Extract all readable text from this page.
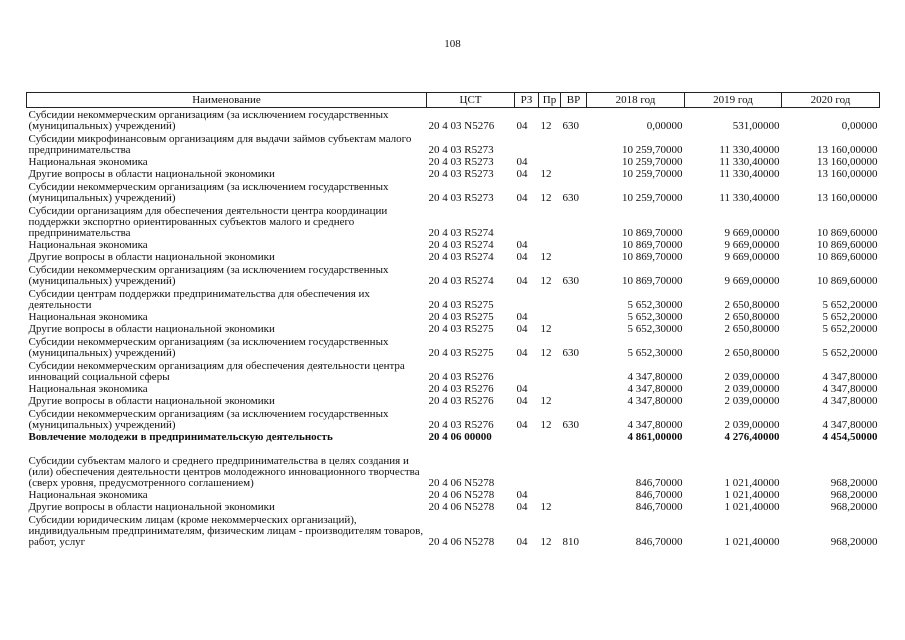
108
Наименование	ЦСТ	РЗ	Пр	ВР	2018 год	2019 год	2020 год
Субсидии некоммерческим организациям (за исключением государственных (муниципальных) учреждений)	20 4 03 N5276	04	12	630	0,00000	531,00000	0,00000
Субсидии микрофинансовым организациям для выдачи займов субъектам малого предпринимательства	20 4 03 R5273				10 259,70000	11 330,40000	13 160,00000
Национальная экономика	20 4 03 R5273	04			10 259,70000	11 330,40000	13 160,00000
Другие вопросы в области национальной экономики	20 4 03 R5273	04	12		10 259,70000	11 330,40000	13 160,00000
Субсидии некоммерческим организациям (за исключением государственных (муниципальных) учреждений)	20 4 03 R5273	04	12	630	10 259,70000	11 330,40000	13 160,00000
Субсидии организациям для обеспечения деятельности центра координации поддержки экспортно ориентированных субъектов малого и среднего предпринимательства	20 4 03 R5274				10 869,70000	9 669,00000	10 869,60000
Национальная экономика	20 4 03 R5274	04			10 869,70000	9 669,00000	10 869,60000
Другие вопросы в области национальной экономики	20 4 03 R5274	04	12		10 869,70000	9 669,00000	10 869,60000
Субсидии некоммерческим организациям (за исключением государственных (муниципальных) учреждений)	20 4 03 R5274	04	12	630	10 869,70000	9 669,00000	10 869,60000
Субсидии центрам поддержки предпринимательства для обеспечения их деятельности	20 4 03 R5275				5 652,30000	2 650,80000	5 652,20000
Национальная экономика	20 4 03 R5275	04			5 652,30000	2 650,80000	5 652,20000
Другие вопросы в области национальной экономики	20 4 03 R5275	04	12		5 652,30000	2 650,80000	5 652,20000
Субсидии некоммерческим организациям (за исключением государственных (муниципальных) учреждений)	20 4 03 R5275	04	12	630	5 652,30000	2 650,80000	5 652,20000
Субсидии некоммерческим организациям для обеспечения деятельности центра инноваций социальной сферы	20 4 03 R5276				4 347,80000	2 039,00000	4 347,80000
Национальная экономика	20 4 03 R5276	04			4 347,80000	2 039,00000	4 347,80000
Другие вопросы в области национальной экономики	20 4 03 R5276	04	12		4 347,80000	2 039,00000	4 347,80000
Субсидии некоммерческим организациям (за исключением государственных (муниципальных) учреждений)	20 4 03 R5276	04	12	630	4 347,80000	2 039,00000	4 347,80000
Вовлечение молодежи в предпринимательскую деятельность	20 4 06 00000				4 861,00000	4 276,40000	4 454,50000
Субсидии субъектам малого и среднего предпринимательства в целях создания и (или) обеспечения деятельности центров молодежного инновационного творчества (сверх уровня, предусмотренного соглашением)	20 4 06 N5278				846,70000	1 021,40000	968,20000
Национальная экономика	20 4 06 N5278	04			846,70000	1 021,40000	968,20000
Другие вопросы в области национальной экономики	20 4 06 N5278	04	12		846,70000	1 021,40000	968,20000
Субсидии юридическим лицам (кроме некоммерческих организаций), индивидуальным предпринимателям, физическим лицам - производителям товаров, работ, услуг	20 4 06 N5278	04	12	810	846,70000	1 021,40000	968,20000
